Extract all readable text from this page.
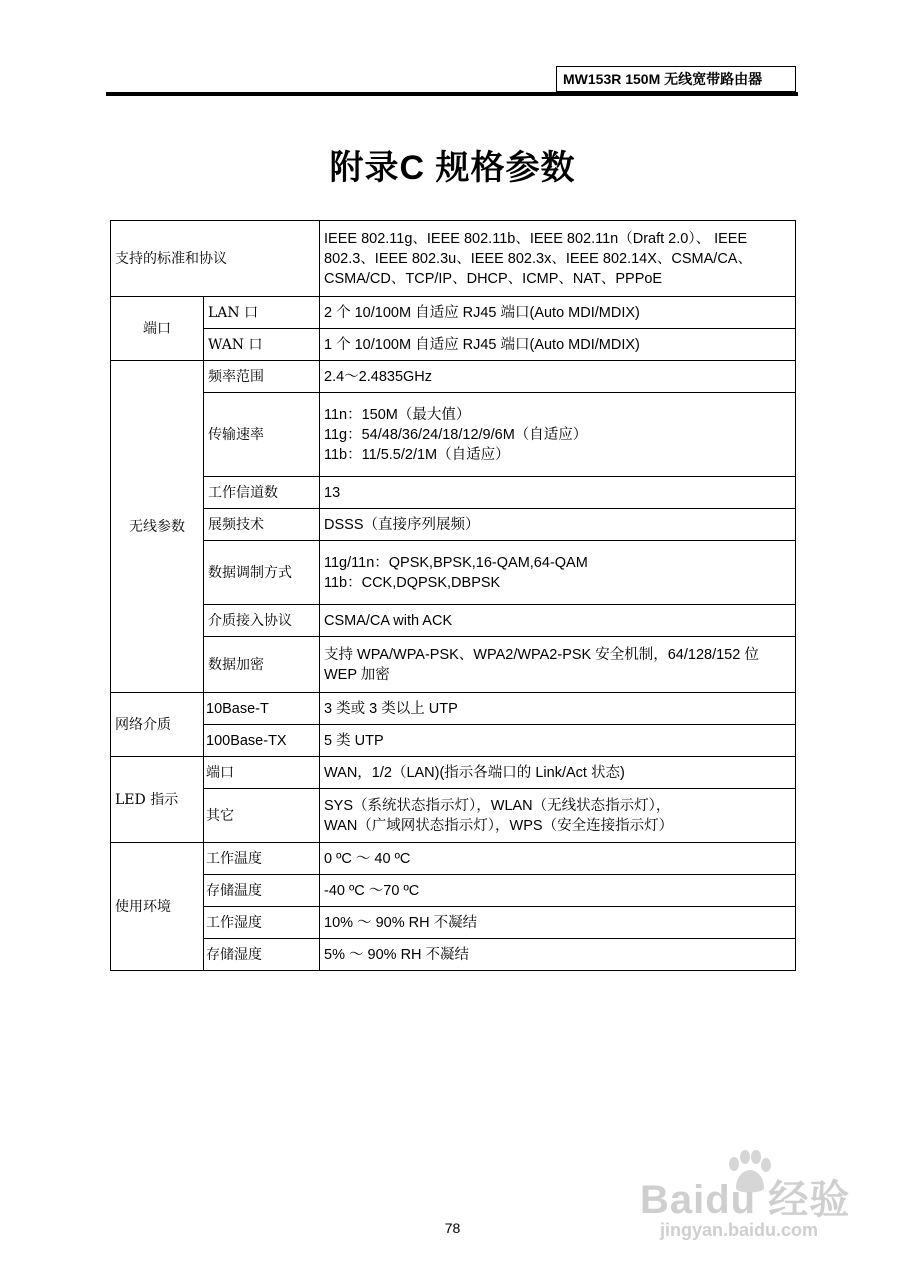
MW153R 150M 无线宽带路由器
附录C 规格参数
支持的标准和协议		IEEE 802.11g、IEEE 802.11b、IEEE 802.11n（Draft 2.0）、 IEEE 802.3、IEEE 802.3u、IEEE 802.3x、IEEE 802.14X、CSMA/CA、CSMA/CD、TCP/IP、DHCP、ICMP、NAT、PPPoE
端口	LAN 口	2 个 10/100M 自适应 RJ45 端口(Auto MDI/MDIX)
	WAN 口	1 个 10/100M 自适应 RJ45 端口(Auto MDI/MDIX)
无线参数	频率范围	2.4～2.4835GHz
	传输速率	11n：150M（最大值）
11g：54/48/36/24/18/12/9/6M（自适应）
11b：11/5.5/2/1M（自适应）

	工作信道数	13
	展频技术	DSSS（直接序列展频）
	数据调制方式	11g/11n：QPSK,BPSK,16-QAM,64-QAM
11b：CCK,DQPSK,DBPSK

	介质接入协议	CSMA/CA with ACK
	数据加密	支持 WPA/WPA-PSK、WPA2/WPA2-PSK 安全机制，64/128/152 位 WEP 加密
网络介质	10Base-T	3 类或 3 类以上 UTP
	100Base-TX	5 类 UTP
LED 指示	端口	WAN，1/2（LAN)(指示各端口的 Link/Act 状态)
	其它	SYS（系统状态指示灯），WLAN（无线状态指示灯），
WAN（广域网状态指示灯），WPS（安全连接指示灯）

使用环境	工作温度	0 ºC ～ 40 ºC
	存储温度	-40 ºC ～70 ºC
	工作湿度	10% ～ 90% RH 不凝结
	存储湿度	5% ～ 90% RH 不凝结
78
Baidu 经验
jingyan.baidu.com
